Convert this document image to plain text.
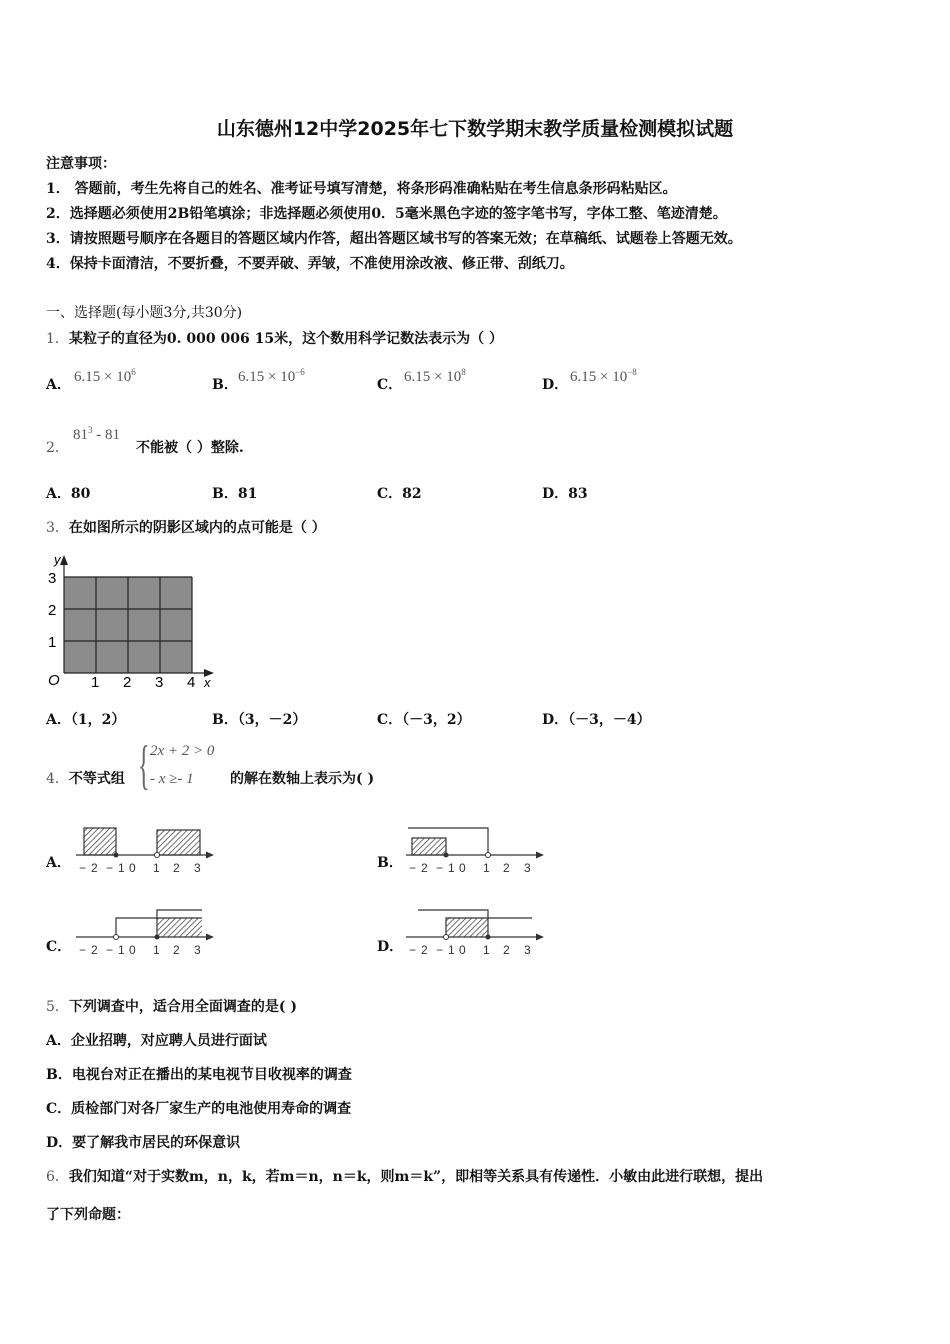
山东德州12中学2025年七下数学期末教学质量检测模拟试题
注意事项：
1． 答题前，考生先将自己的姓名、准考证号填写清楚，将条形码准确粘贴在考生信息条形码粘贴区。
2．选择题必须使用2B铅笔填涂；非选择题必须使用0．5毫米黑色字迹的签字笔书写，字体工整、笔迹清楚。
3．请按照题号顺序在各题目的答题区域内作答，超出答题区域书写的答案无效；在草稿纸、试题卷上答题无效。
4．保持卡面清洁，不要折叠，不要弄破、弄皱，不准使用涂改液、修正带、刮纸刀。
一、选择题(每小题3分,共30分)
1．某粒子的直径为0. 000 006 15米，这个数用科学记数法表示为（ ）
A． $6.15 \times 10^6$
B． $6.15 \times 10^{-6}$
C． $6.15 \times 10^8$
D． $6.15 \times 10^{-8}$
2．
$81^3 - 81$
不能被（ ）整除.
A．80	B．81	C．82	D．83
3．在如图所示的阴影区域内的点可能是（ ）
y
x
O 1 2 3 4
1
2
3
A．（1，2）	B．（3，－2）	C．（－3，2）	D．（－3，－4）
4．不等式组 { 2x + 2 > 0
- x ≥- 1	的解在数轴上表示为( )
A． − 2 − 1 0 1 2 3	B． − 2 − 1 0 1 2 3
C． − 2 − 1 0 1 2 3	D． − 2 − 1 0 1 2 3
5．下列调查中，适合用全面调查的是( )
A．企业招聘，对应聘人员进行面试
B．电视台对正在播出的某电视节目收视率的调查
C．质检部门对各厂家生产的电池使用寿命的调查
D．要了解我市居民的环保意识
6．我们知道“对于实数m，n，k，若m＝n，n＝k，则m＝k”，即相等关系具有传递性．小敏由此进行联想，提出
了下列命题：
